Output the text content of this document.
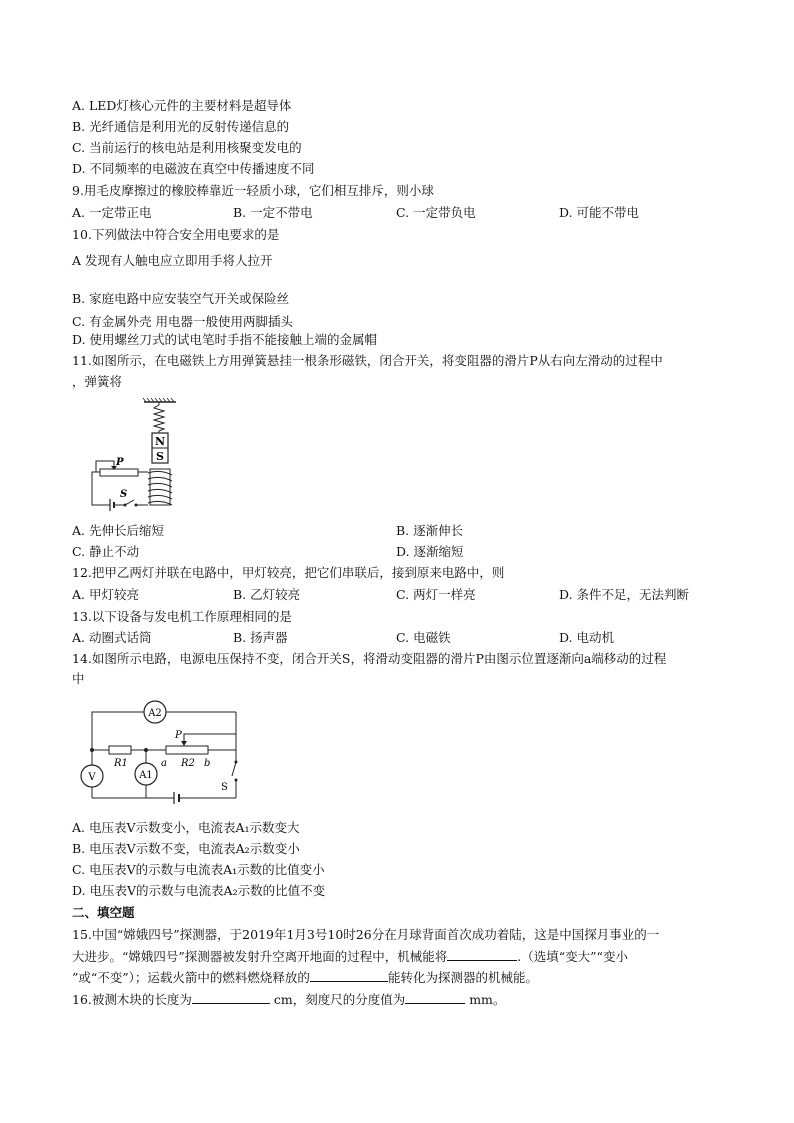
A. LED灯核心元件的主要材料是超导体
B. 光纤通信是利用光的反射传递信息的
C. 当前运行的核电站是利用核聚变发电的
D. 不同频率的电磁波在真空中传播速度不同
9.用毛皮摩擦过的橡胶棒靠近一轻质小球，它们相互排斥，则小球
A. 一定带正电	B. 一定不带电	C. 一定带负电	D. 可能不带电
10.下列做法中符合安全用电要求的是
A 发现有人触电应立即用手将人拉开
B. 家庭电路中应安装空气开关或保险丝
C. 有金属外壳 用电器一般使用两脚插头
D. 使用螺丝刀式的试电笔时手指不能接触上端的金属帽
11.如图所示，在电磁铁上方用弹簧悬挂一根条形磁铁，闭合开关，将变阻器的滑片P从右向左滑动的过程中
，弹簧将
N
S
P
S
A. 先伸长后缩短	B. 逐渐伸长
C. 静止不动	D. 逐渐缩短
12.把甲乙两灯并联在电路中，甲灯较亮，把它们串联后，接到原来电路中，则
A. 甲灯较亮	B. 乙灯较亮	C. 两灯一样亮	D. 条件不足，无法判断
13.以下设备与发电机工作原理相同的是
A. 动圈式话筒	B. 扬声器	C. 电磁铁	D. 电动机
14.如图所示电路，电源电压保持不变，闭合开关S，将滑动变阻器的滑片P由图示位置逐渐向a端移动的过程
中
A2
P
R1	a R2 b
V	A1
S
A. 电压表V示数变小，电流表A₁示数变大
B. 电压表V示数不变，电流表A₂示数变小
C. 电压表V的示数与电流表A₁示数的比值变小
D. 电压表V的示数与电流表A₂示数的比值不变
二、填空题
15.中国“嫦娥四号”探测器，于2019年1月3号10时26分在月球背面首次成功着陆，这是中国探月事业的一
大进步。“嫦娥四号”探测器被发射升空离开地面的过程中，机械能将	.（选填“变大”“变小
”或“不变”）；运载火箭中的燃料燃烧释放的	能转化为探测器的机械能。
16.被测木块的长度为	cm，刻度尺的分度值为	mm。
